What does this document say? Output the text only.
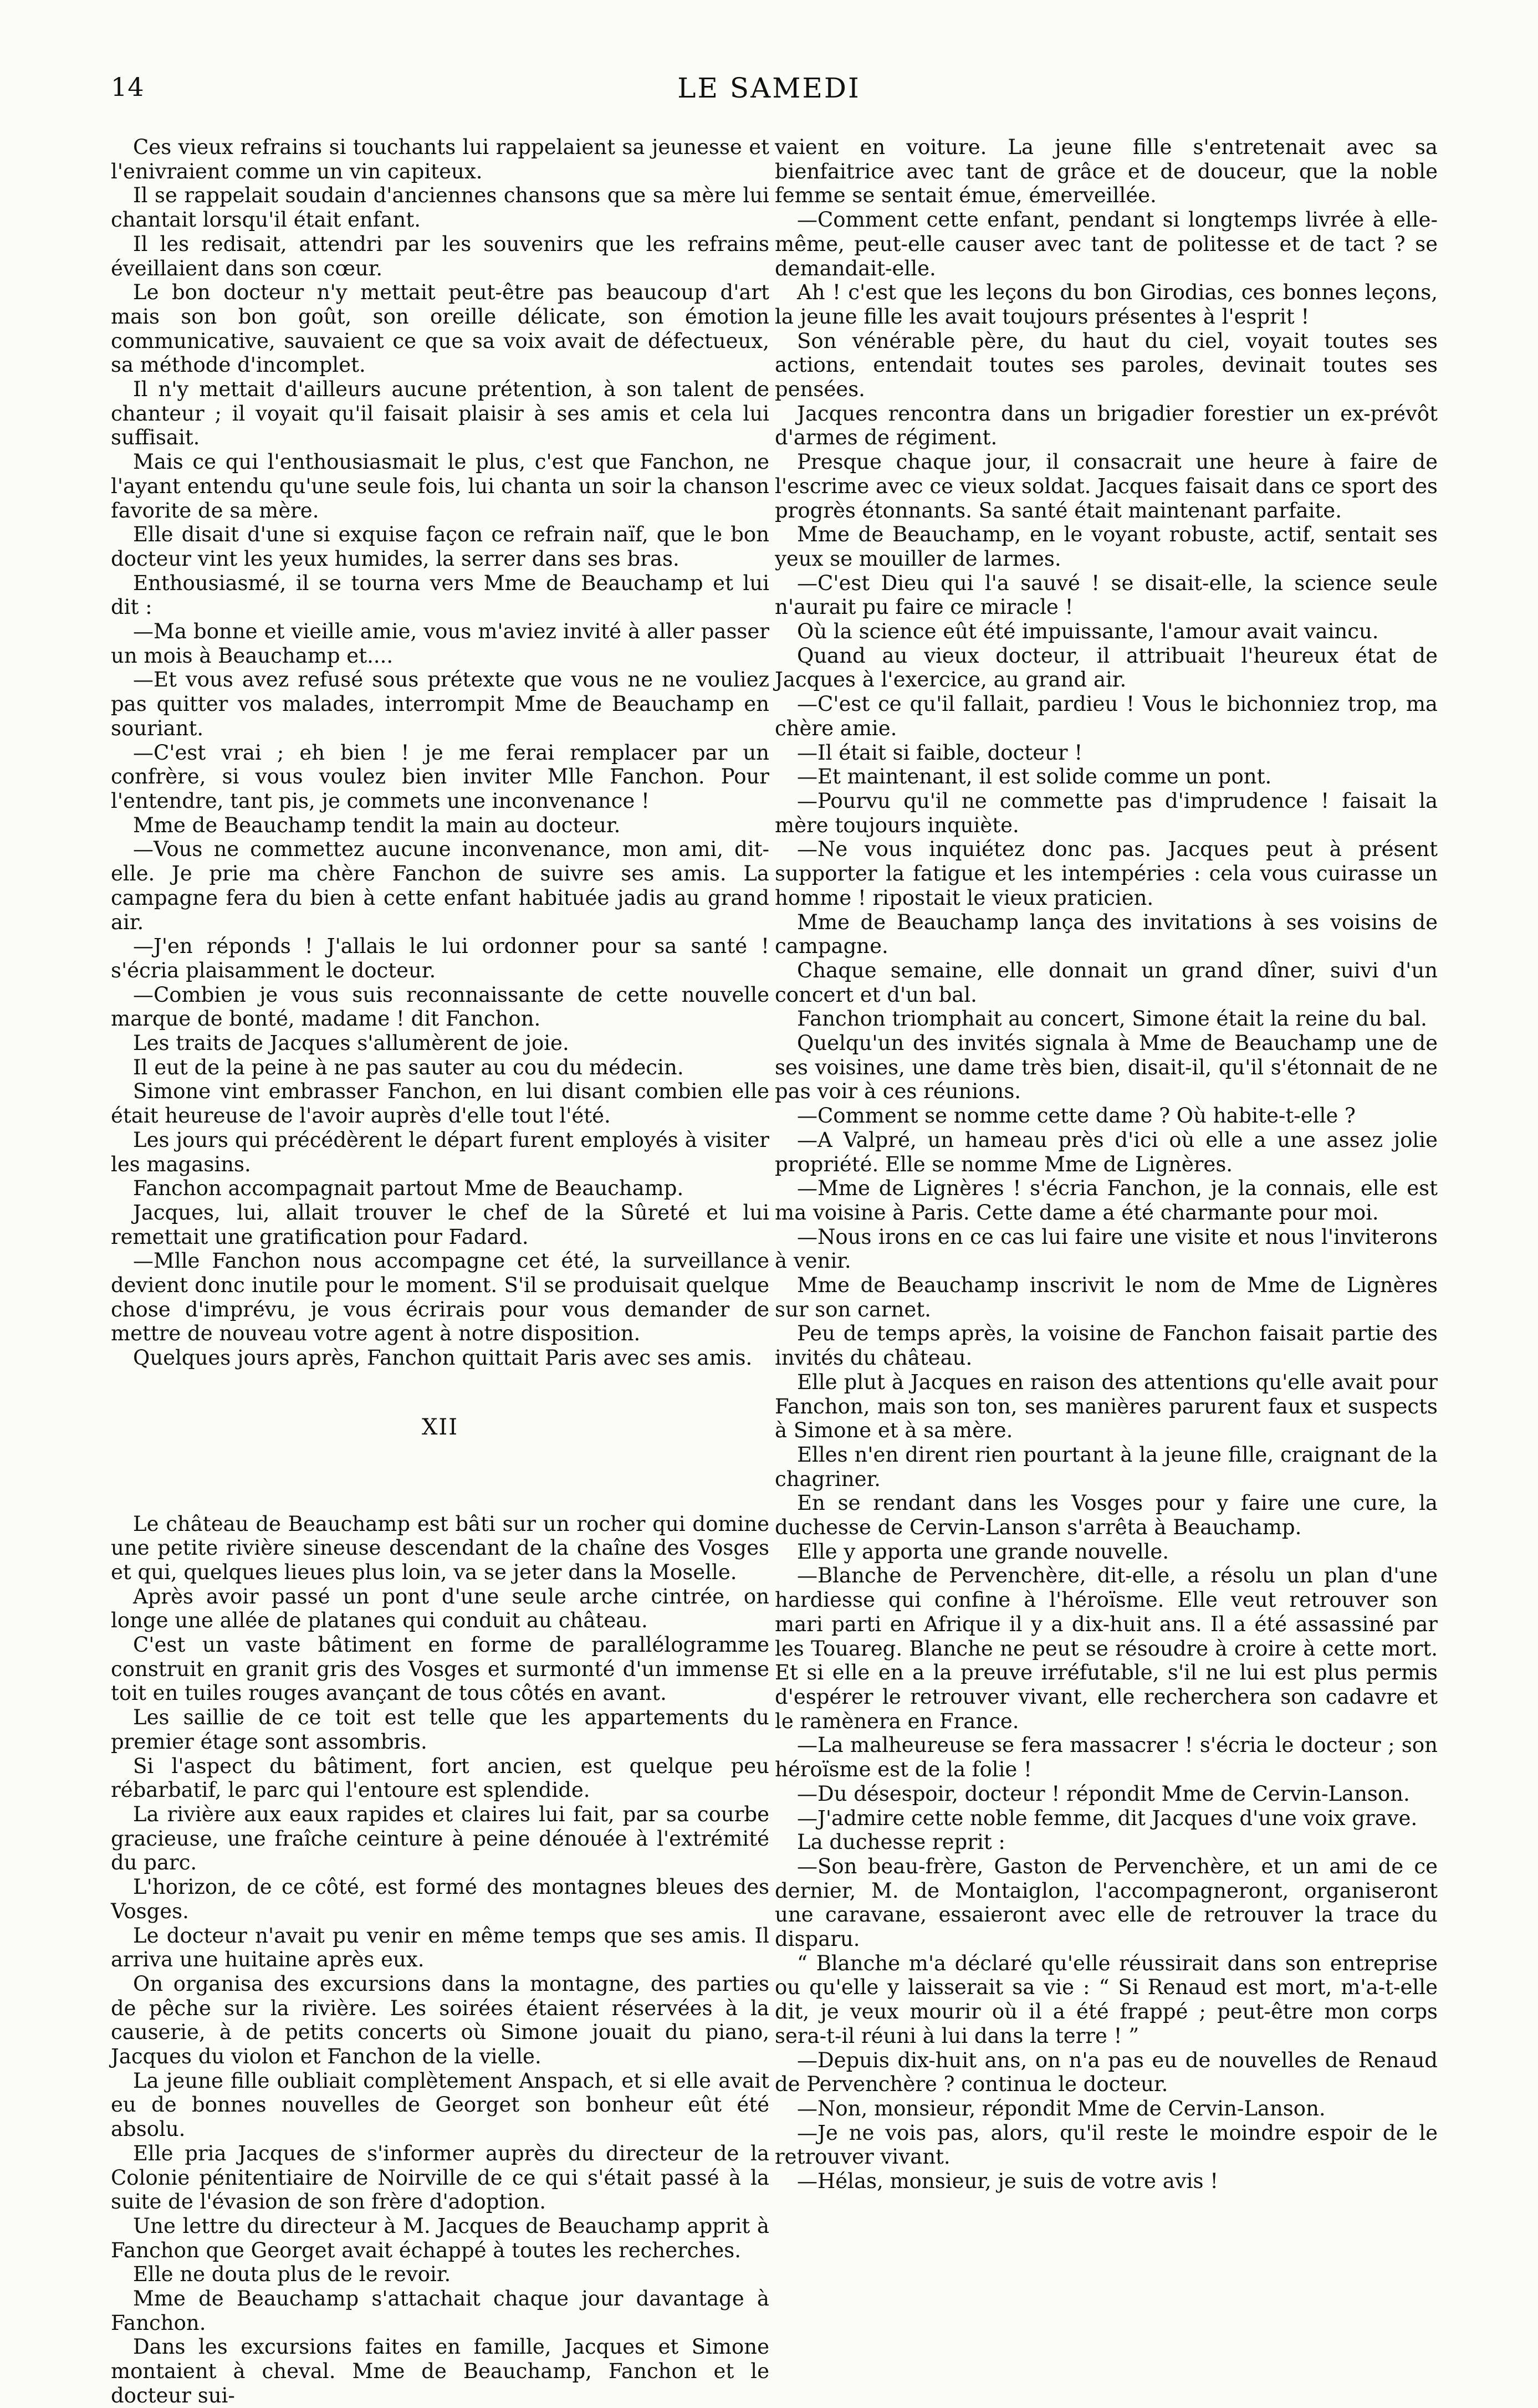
14	LE SAMEDI

Ces vieux refrains si touchants lui rappelaient sa jeunesse et l'enivraient comme un vin capiteux.

Il se rappelait soudain d'anciennes chansons que sa mère lui chantait lorsqu'il était enfant.

Il les redisait, attendri par les souvenirs que les refrains éveillaient dans son cœur.

Le bon docteur n'y mettait peut-être pas beaucoup d'art mais son bon goût, son oreille délicate, son émotion communicative, sauvaient ce que sa voix avait de défectueux, sa méthode d'incomplet.

Il n'y mettait d'ailleurs aucune prétention, à son talent de chanteur ; il voyait qu'il faisait plaisir à ses amis et cela lui suffisait.

Mais ce qui l'enthousiasmait le plus, c'est que Fanchon, ne l'ayant entendu qu'une seule fois, lui chanta un soir la chanson favorite de sa mère.

Elle disait d'une si exquise façon ce refrain naïf, que le bon docteur vint les yeux humides, la serrer dans ses bras.

Enthousiasmé, il se tourna vers Mme de Beauchamp et lui dit :

—Ma bonne et vieille amie, vous m'aviez invité à aller passer un mois à Beauchamp et....

—Et vous avez refusé sous prétexte que vous ne ne vouliez pas quitter vos malades, interrompit Mme de Beauchamp en souriant.

—C'est vrai ; eh bien ! je me ferai remplacer par un confrère, si vous voulez bien inviter Mlle Fanchon. Pour l'entendre, tant pis, je commets une inconvenance !

Mme de Beauchamp tendit la main au docteur.

—Vous ne commettez aucune inconvenance, mon ami, dit-elle. Je prie ma chère Fanchon de suivre ses amis. La campagne fera du bien à cette enfant habituée jadis au grand air.

—J'en réponds ! J'allais le lui ordonner pour sa santé ! s'écria plaisamment le docteur.

—Combien je vous suis reconnaissante de cette nouvelle marque de bonté, madame ! dit Fanchon.

Les traits de Jacques s'allumèrent de joie.

Il eut de la peine à ne pas sauter au cou du médecin.

Simone vint embrasser Fanchon, en lui disant combien elle était heureuse de l'avoir auprès d'elle tout l'été.

Les jours qui précédèrent le départ furent employés à visiter les magasins.

Fanchon accompagnait partout Mme de Beauchamp.

Jacques, lui, allait trouver le chef de la Sûreté et lui remettait une gratification pour Fadard.

—Mlle Fanchon nous accompagne cet été, la surveillance devient donc inutile pour le moment. S'il se produisait quelque chose d'imprévu, je vous écrirais pour vous demander de mettre de nouveau votre agent à notre disposition.

Quelques jours après, Fanchon quittait Paris avec ses amis.

XII

Le château de Beauchamp est bâti sur un rocher qui domine une petite rivière sineuse descendant de la chaîne des Vosges et qui, quelques lieues plus loin, va se jeter dans la Moselle.

Après avoir passé un pont d'une seule arche cintrée, on longe une allée de platanes qui conduit au château.

C'est un vaste bâtiment en forme de parallélogramme construit en granit gris des Vosges et surmonté d'un immense toit en tuiles rouges avançant de tous côtés en avant.

Les saillie de ce toit est telle que les appartements du premier étage sont assombris.

Si l'aspect du bâtiment, fort ancien, est quelque peu rébarbatif, le parc qui l'entoure est splendide.

La rivière aux eaux rapides et claires lui fait, par sa courbe gracieuse, une fraîche ceinture à peine dénouée à l'extrémité du parc.

L'horizon, de ce côté, est formé des montagnes bleues des Vosges.

Le docteur n'avait pu venir en même temps que ses amis. Il arriva une huitaine après eux.

On organisa des excursions dans la montagne, des parties de pêche sur la rivière. Les soirées étaient réservées à la causerie, à de petits concerts où Simone jouait du piano, Jacques du violon et Fanchon de la vielle.

La jeune fille oubliait complètement Anspach, et si elle avait eu de bonnes nouvelles de Georget son bonheur eût été absolu.

Elle pria Jacques de s'informer auprès du directeur de la Colonie pénitentiaire de Noirville de ce qui s'était passé à la suite de l'évasion de son frère d'adoption.

Une lettre du directeur à M. Jacques de Beauchamp apprit à Fanchon que Georget avait échappé à toutes les recherches.

Elle ne douta plus de le revoir.

Mme de Beauchamp s'attachait chaque jour davantage à Fanchon.

Dans les excursions faites en famille, Jacques et Simone montaient à cheval. Mme de Beauchamp, Fanchon et le docteur sui-

vaient en voiture. La jeune fille s'entretenait avec sa bienfaitrice avec tant de grâce et de douceur, que la noble femme se sentait émue, émerveillée.

—Comment cette enfant, pendant si longtemps livrée à elle-même, peut-elle causer avec tant de politesse et de tact ? se demandait-elle.

Ah ! c'est que les leçons du bon Girodias, ces bonnes leçons, la jeune fille les avait toujours présentes à l'esprit !

Son vénérable père, du haut du ciel, voyait toutes ses actions, entendait toutes ses paroles, devinait toutes ses pensées.

Jacques rencontra dans un brigadier forestier un ex-prévôt d'armes de régiment.

Presque chaque jour, il consacrait une heure à faire de l'escrime avec ce vieux soldat. Jacques faisait dans ce sport des progrès étonnants. Sa santé était maintenant parfaite.

Mme de Beauchamp, en le voyant robuste, actif, sentait ses yeux se mouiller de larmes.

—C'est Dieu qui l'a sauvé ! se disait-elle, la science seule n'aurait pu faire ce miracle !

Où la science eût été impuissante, l'amour avait vaincu.

Quand au vieux docteur, il attribuait l'heureux état de Jacques à l'exercice, au grand air.

—C'est ce qu'il fallait, pardieu ! Vous le bichonniez trop, ma chère amie.

—Il était si faible, docteur !

—Et maintenant, il est solide comme un pont.

—Pourvu qu'il ne commette pas d'imprudence ! faisait la mère toujours inquiète.

—Ne vous inquiétez donc pas. Jacques peut à présent supporter la fatigue et les intempéries : cela vous cuirasse un homme ! ripostait le vieux praticien.

Mme de Beauchamp lança des invitations à ses voisins de campagne.

Chaque semaine, elle donnait un grand dîner, suivi d'un concert et d'un bal.

Fanchon triomphait au concert, Simone était la reine du bal.

Quelqu'un des invités signala à Mme de Beauchamp une de ses voisines, une dame très bien, disait-il, qu'il s'étonnait de ne pas voir à ces réunions.

—Comment se nomme cette dame ? Où habite-t-elle ?

—A Valpré, un hameau près d'ici où elle a une assez jolie propriété. Elle se nomme Mme de Lignères.

—Mme de Lignères ! s'écria Fanchon, je la connais, elle est ma voisine à Paris. Cette dame a été charmante pour moi.

—Nous irons en ce cas lui faire une visite et nous l'inviterons à venir.

Mme de Beauchamp inscrivit le nom de Mme de Lignères sur son carnet.

Peu de temps après, la voisine de Fanchon faisait partie des invités du château.

Elle plut à Jacques en raison des attentions qu'elle avait pour Fanchon, mais son ton, ses manières parurent faux et suspects à Simone et à sa mère.

Elles n'en dirent rien pourtant à la jeune fille, craignant de la chagriner.

En se rendant dans les Vosges pour y faire une cure, la duchesse de Cervin-Lanson s'arrêta à Beauchamp.

Elle y apporta une grande nouvelle.

—Blanche de Pervenchère, dit-elle, a résolu un plan d'une hardiesse qui confine à l'héroïsme. Elle veut retrouver son mari parti en Afrique il y a dix-huit ans. Il a été assassiné par les Touareg. Blanche ne peut se résoudre à croire à cette mort. Et si elle en a la preuve irréfutable, s'il ne lui est plus permis d'espérer le retrouver vivant, elle recherchera son cadavre et le ramènera en France.

—La malheureuse se fera massacrer ! s'écria le docteur ; son héroïsme est de la folie !

—Du désespoir, docteur ! répondit Mme de Cervin-Lanson.

—J'admire cette noble femme, dit Jacques d'une voix grave.

La duchesse reprit :

—Son beau-frère, Gaston de Pervenchère, et un ami de ce dernier, M. de Montaiglon, l'accompagneront, organiseront une caravane, essaieront avec elle de retrouver la trace du disparu.

“ Blanche m'a déclaré qu'elle réussirait dans son entreprise ou qu'elle y laisserait sa vie : “ Si Renaud est mort, m'a-t-elle dit, je veux mourir où il a été frappé ; peut-être mon corps sera-t-il réuni à lui dans la terre ! ”

—Depuis dix-huit ans, on n'a pas eu de nouvelles de Renaud de Pervenchère ? continua le docteur.

—Non, monsieur, répondit Mme de Cervin-Lanson.

—Je ne vois pas, alors, qu'il reste le moindre espoir de le retrouver vivant.

—Hélas, monsieur, je suis de votre avis !
